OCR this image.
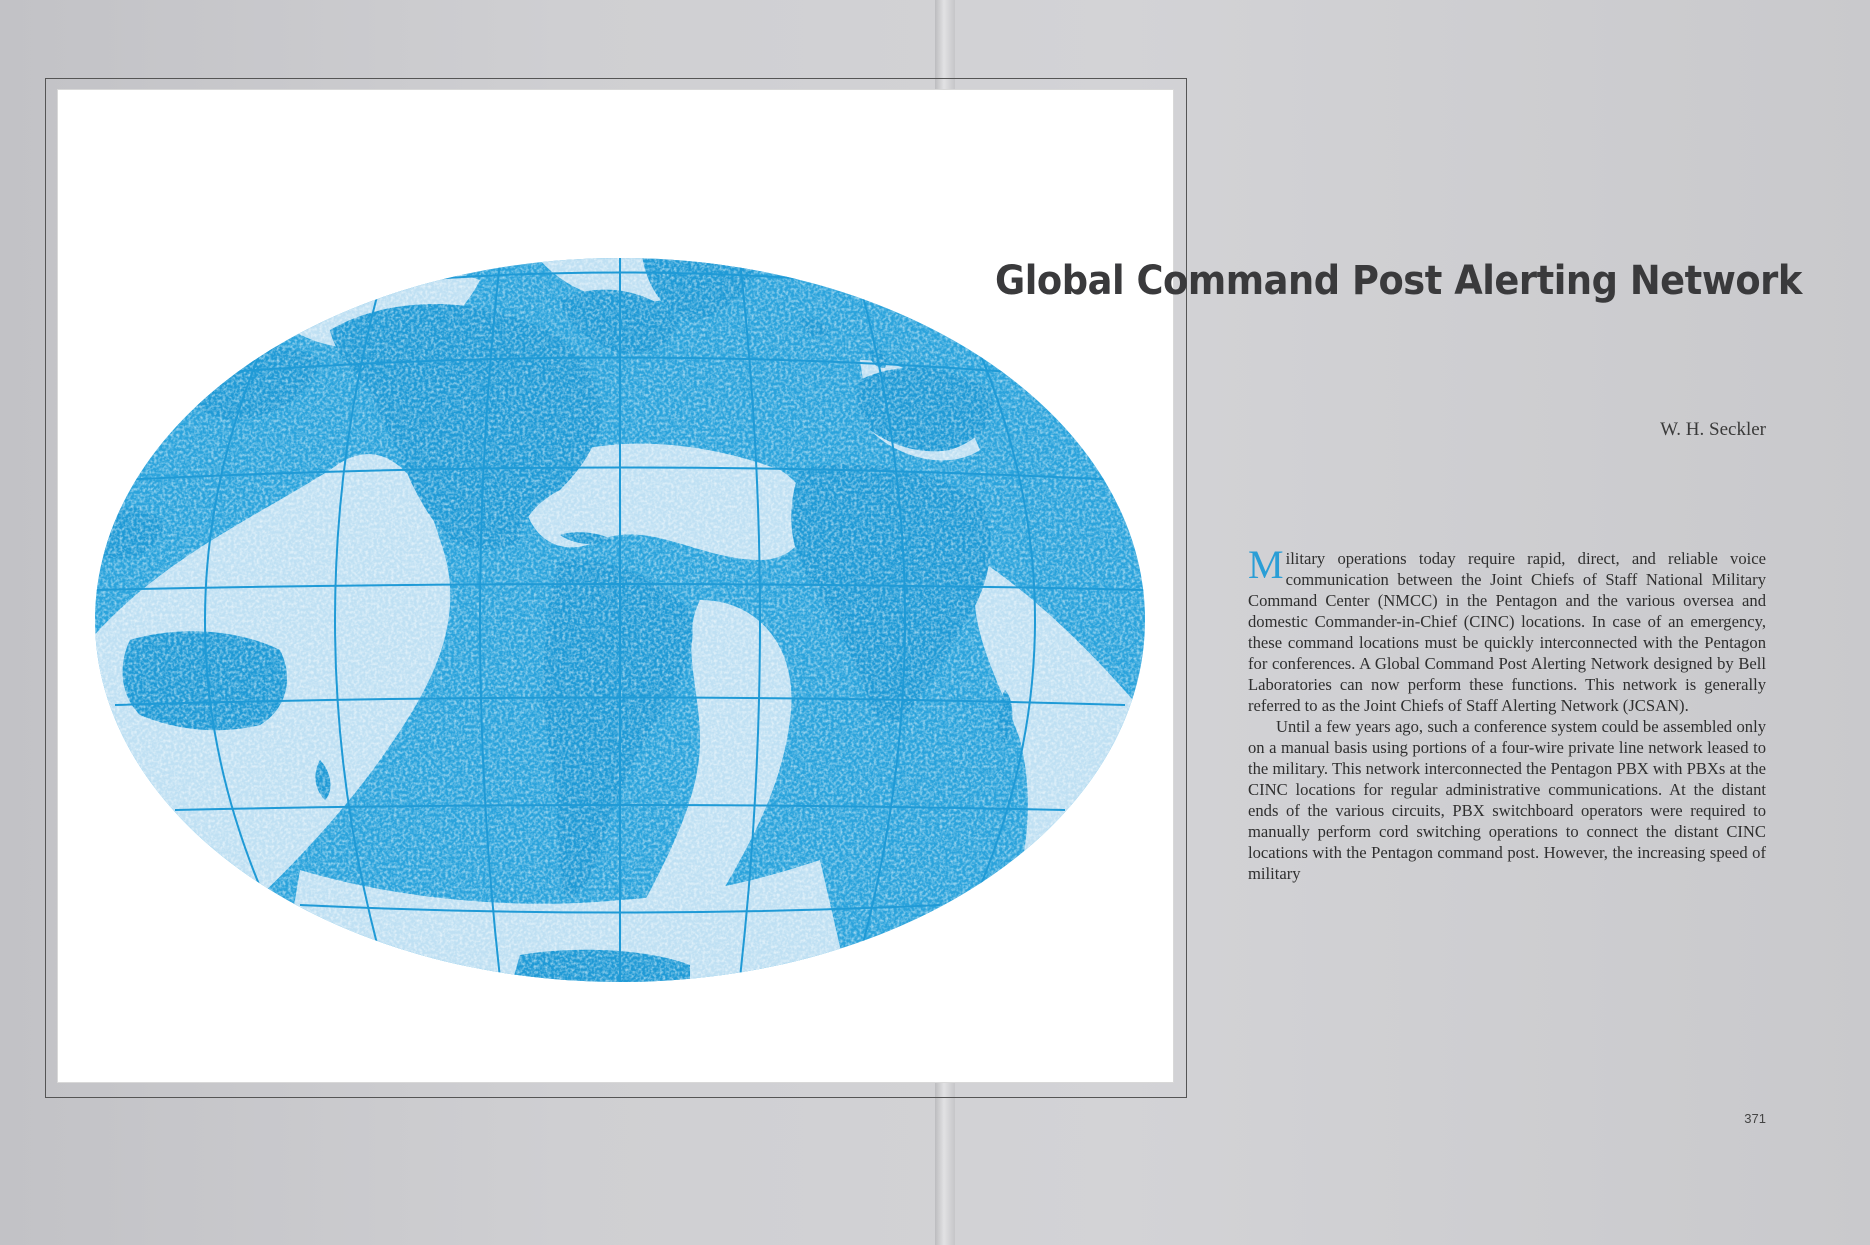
Global Command Post Alerting Network
W. H. Seckler

Military operations today require rapid, direct, and reliable voice communication between the Joint Chiefs of Staff National Military Command Center (NMCC) in the Pentagon and the various oversea and domestic Commander-in-Chief (CINC) locations. In case of an emergency, these command locations must be quickly interconnected with the Pentagon for conferences. A Global Command Post Alerting Network designed by Bell Laboratories can now perform these functions. This network is generally referred to as the Joint Chiefs of Staff Alerting Network (JCSAN).

Until a few years ago, such a conference system could be assembled only on a manual basis using portions of a four-wire private line network leased to the military. This network interconnected the Pentagon PBX with PBXs at the CINC locations for regular administrative communications. At the distant ends of the various circuits, PBX switchboard operators were required to manually perform cord switching operations to connect the distant CINC locations with the Pentagon command post. However, the increasing speed of military

371
